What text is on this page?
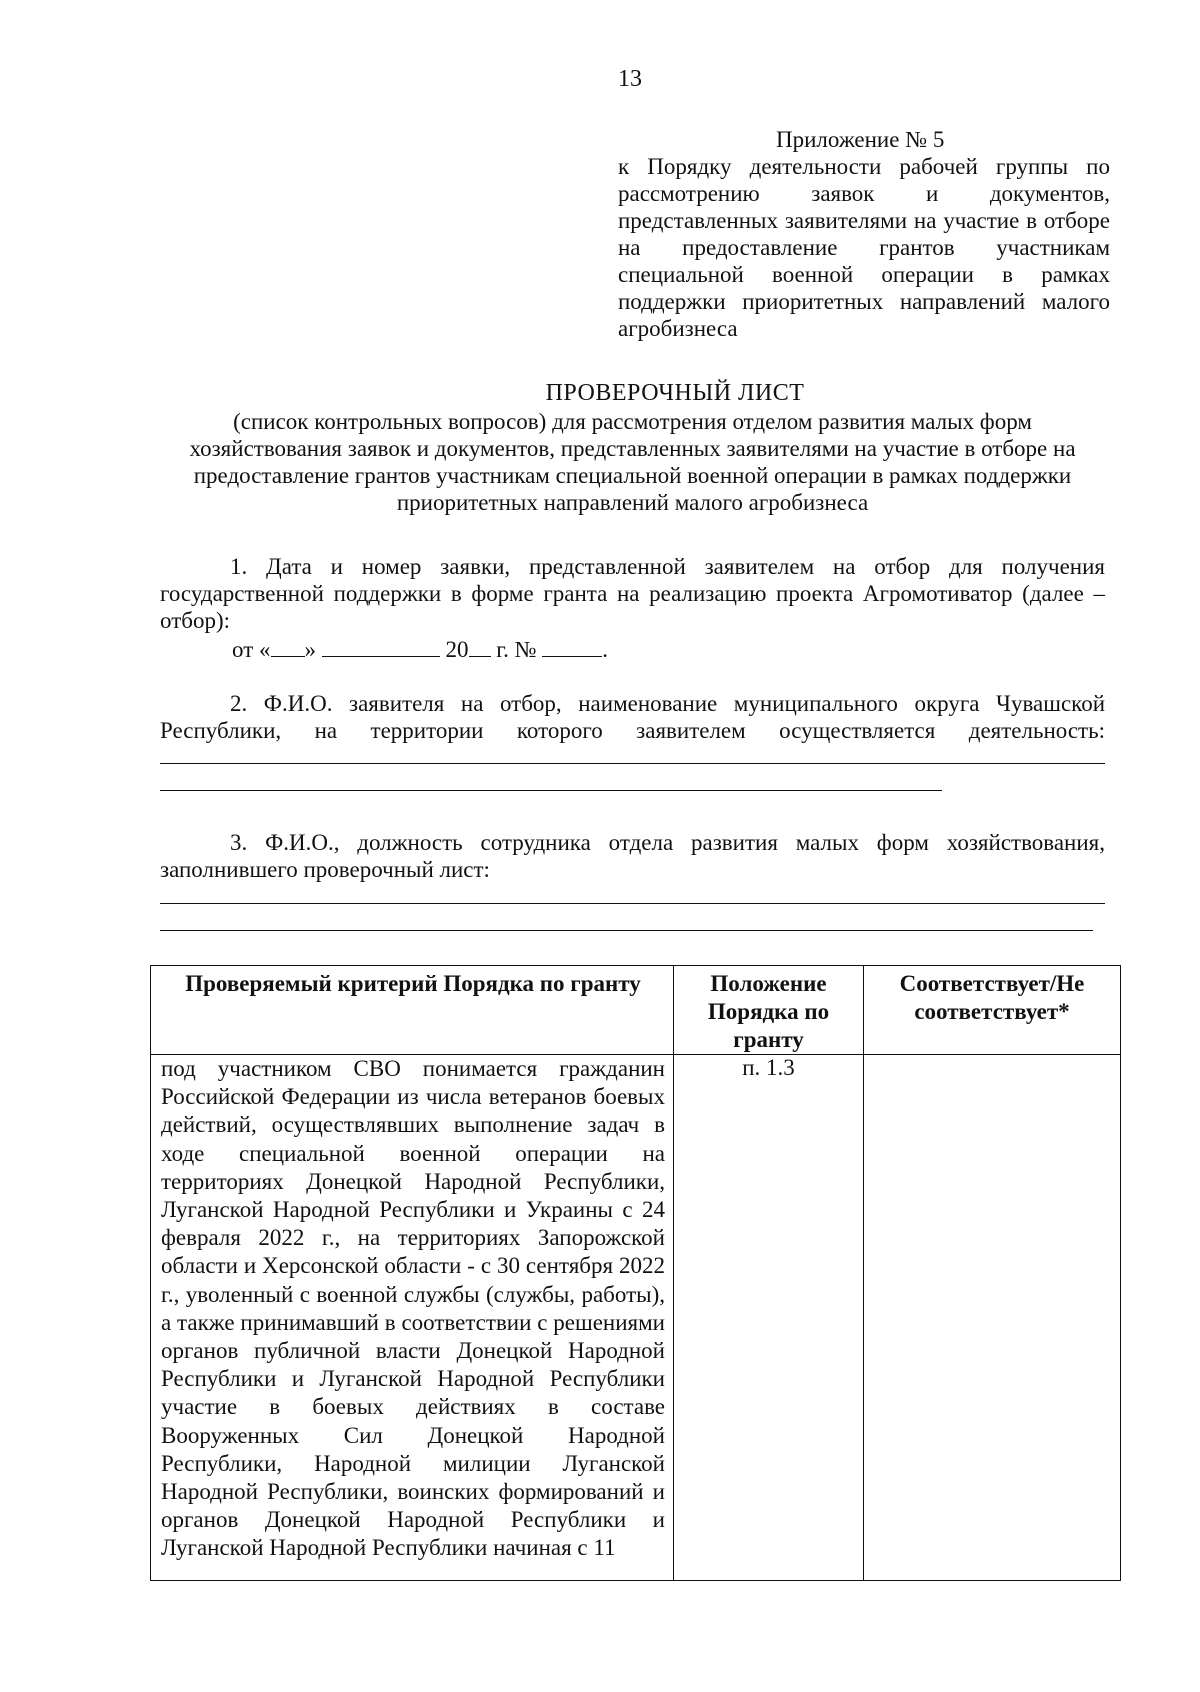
13
Приложение № 5
к Порядку деятельности рабочей группы по рассмотрению заявок и документов, представленных заявителями на участие в отборе на предоставление грантов участникам специальной военной операции в рамках поддержки приоритетных направлений малого агробизнеса
ПРОВЕРОЧНЫЙ ЛИСТ
(список контрольных вопросов) для рассмотрения отделом развития малых форм хозяйствования заявок и документов, представленных заявителями на участие в отборе на предоставление грантов участникам специальной военной операции в рамках поддержки приоритетных направлений малого агробизнеса

1. Дата и номер заявки, представленной заявителем на отбор для получения государственной поддержки в форме гранта на реализацию проекта Агромотиватор (далее – отбор):

от « »	20 г. №	.

2. Ф.И.О. заявителя на отбор, наименование муниципального округа Чувашской Республики, на территории которого заявителем осуществляется деятельность:

3. Ф.И.О., должность сотрудника отдела развития малых форм хозяйствования, заполнившего проверочный лист:

Проверяемый критерий Порядка по гранту	Положение Порядка по гранту	Соответствует/Не соответствует*
под участником СВО понимается гражданин Российской Федерации из числа ветеранов боевых действий, осуществлявших выполнение задач в ходе специальной военной операции на территориях Донецкой Народной Республики, Луганской Народной Республики и Украины с 24 февраля 2022 г., на территориях Запорожской области и Херсонской области - с 30 сентября 2022 г., уволенный с военной службы (службы, работы), а также принимавший в соответствии с решениями органов публичной власти Донецкой Народной Республики и Луганской Народной Республики участие в боевых действиях в составе Вооруженных Сил Донецкой Народной Республики, Народной милиции Луганской Народной Республики, воинских формирований и органов Донецкой Народной Республики и Луганской Народной Республики начиная с 11	п. 1.3	
